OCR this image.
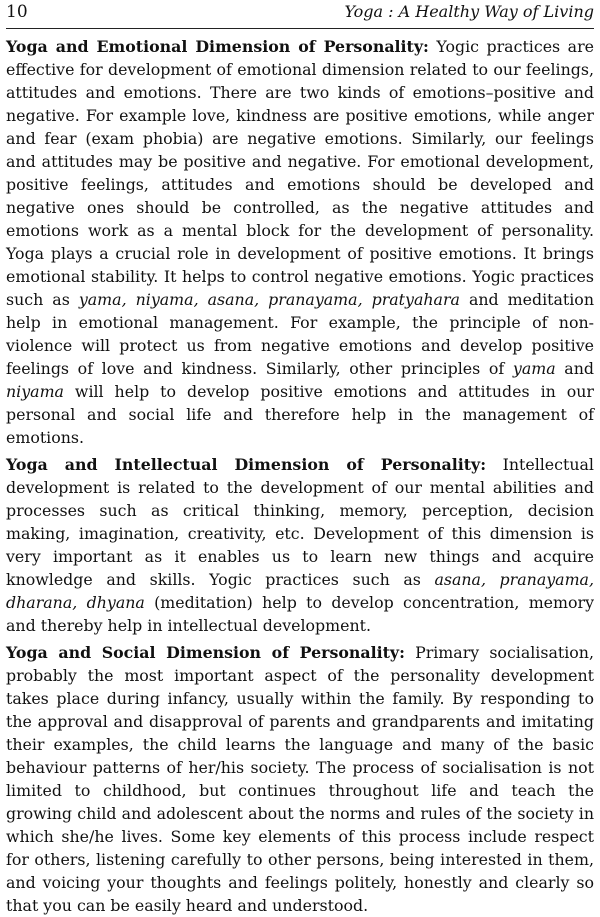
10	Yoga : A Healthy Way of Living

Yoga and Emotional Dimension of Personality: Yogic practices are effective for development of emotional dimension related to our feelings, attitudes and emotions. There are two kinds of emotions–positive and negative. For example love, kindness are positive emotions, while anger and fear (exam phobia) are negative emotions. Similarly, our feelings and attitudes may be positive and negative. For emotional development, positive feelings, attitudes and emotions should be developed and negative ones should be controlled, as the negative attitudes and emotions work as a mental block for the development of personality. Yoga plays a crucial role in development of positive emotions. It brings emotional stability. It helps to control negative emotions. Yogic practices such as yama, niyama, asana, pranayama, pratyahara and meditation help in emotional management. For example, the principle of non-violence will protect us from negative emotions and develop positive feelings of love and kindness. Similarly, other principles of yama and niyama will help to develop positive emotions and attitudes in our personal and social life and therefore help in the management of emotions.

Yoga and Intellectual Dimension of Personality: Intellectual development is related to the development of our mental abilities and processes such as critical thinking, memory, perception, decision making, imagination, creativity, etc. Development of this dimension is very important as it enables us to learn new things and acquire knowledge and skills. Yogic practices such as asana, pranayama, dharana, dhyana (meditation) help to develop concentration, memory and thereby help in intellectual development.

Yoga and Social Dimension of Personality: Primary socialisation, probably the most important aspect of the personality development takes place during infancy, usually within the family. By responding to the approval and disapproval of parents and grandparents and imitating their examples, the child learns the language and many of the basic behaviour patterns of her/his society. The process of socialisation is not limited to childhood, but continues throughout life and teach the growing child and adolescent about the norms and rules of the society in which she/he lives. Some key elements of this process include respect for others, listening carefully to other persons, being interested in them, and voicing your thoughts and feelings politely, honestly and clearly so that you can be easily heard and understood.
